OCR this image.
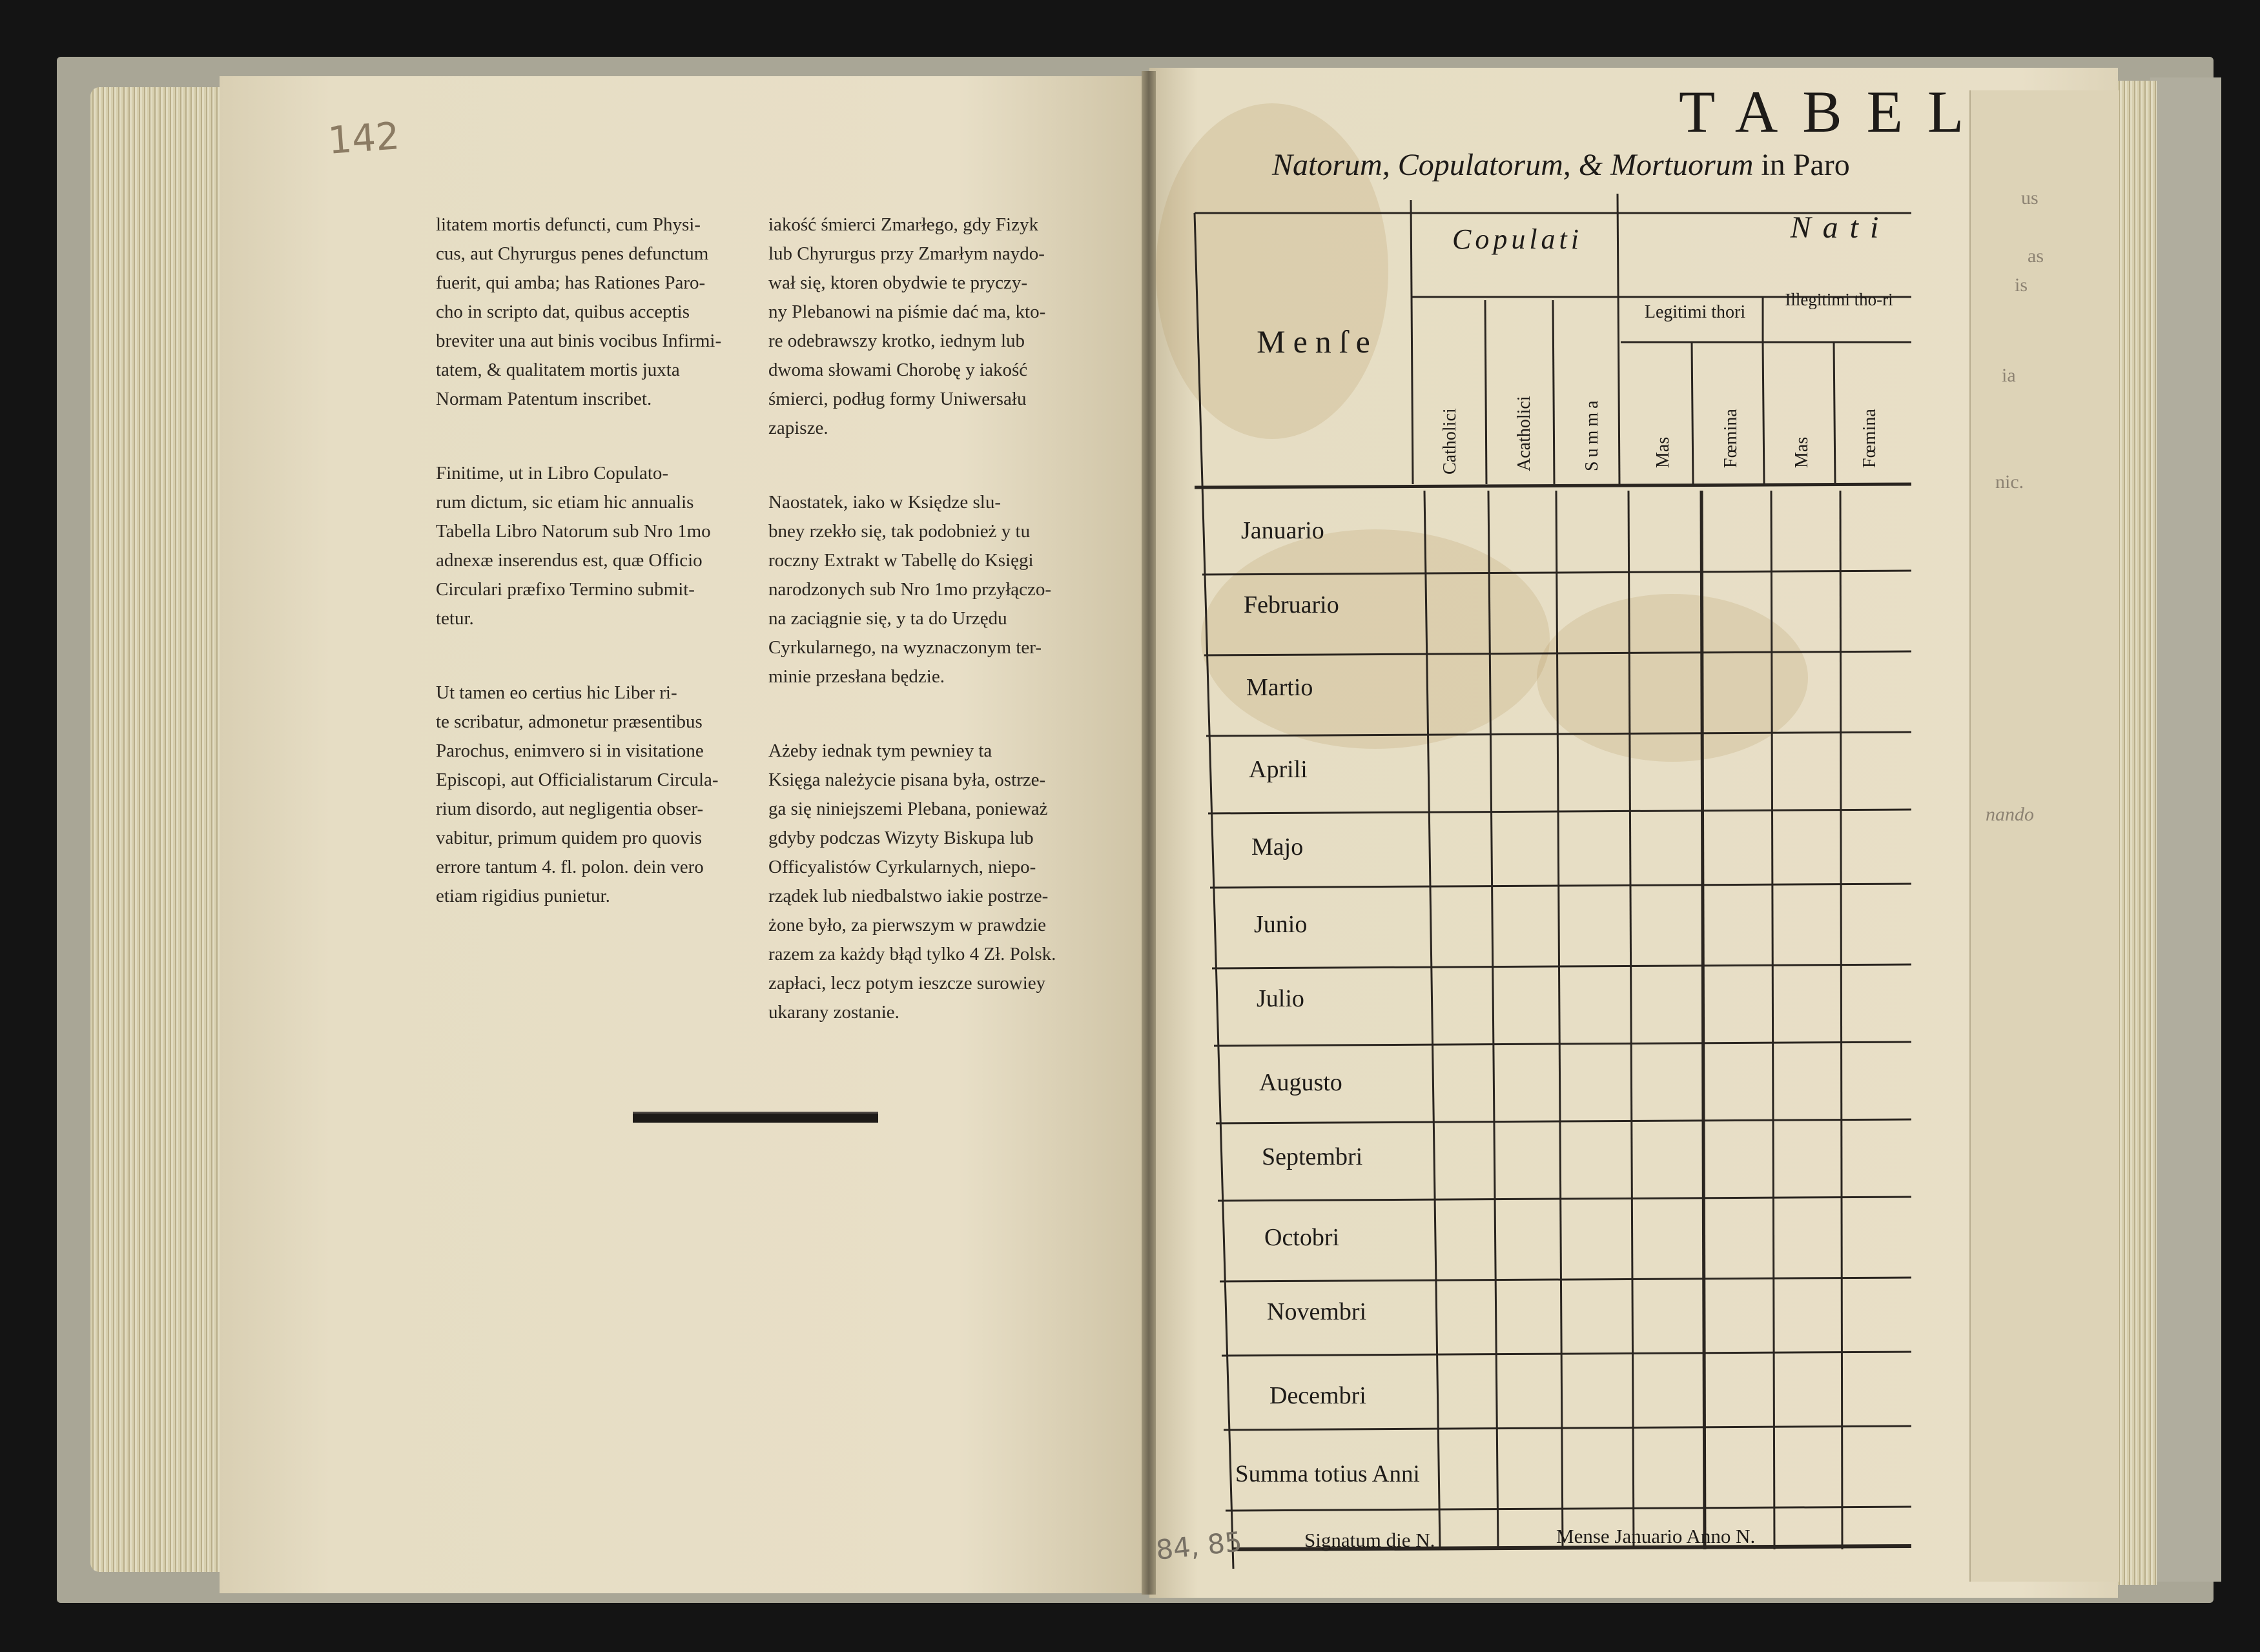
142

litatem mortis defuncti, cum Physi-
cus, aut Chyrurgus penes defunctum
fuerit, qui amba; has Rationes Paro-
cho in scripto dat, quibus acceptis
breviter una aut binis vocibus Infirmi-
tatem, & qualitatem mortis juxta
Normam Patentum inscribet.

Finitime, ut in Libro Copulato-
rum dictum, sic etiam hic annualis
Tabella Libro Natorum sub Nro 1mo
adnexæ inserendus est, quæ Officio
Circulari præfixo Termino submit-
tetur.

Ut tamen eo certius hic Liber ri-
te scribatur, admonetur præsentibus
Parochus, enimvero si in visitatione
Episcopi, aut Officialistarum Circula-
rium disordo, aut negligentia obser-
vabitur, primum quidem pro quovis
errore tantum 4. fl. polon. dein vero
etiam rigidius punietur.

iakość śmierci Zmarłego, gdy Fizyk
lub Chyrurgus przy Zmarłym naydo-
wał się, ktoren obydwie te pryczy-
ny Plebanowi na piśmie dać ma, kto-
re odebrawszy krotko, iednym lub
dwoma słowami Chorobę y iakość
śmierci, podług formy Uniwersału
zapisze.

Naostatek, iako w Księdze slu-
bney rzekło się, tak podobnież y tu
roczny Extrakt w Tabellę do Księgi
narodzonych sub Nro 1mo przyłączo-
na zaciągnie się, y ta do Urzędu
Cyrkularnego, na wyznaczonym ter-
minie przesłana będzie.

Ażeby iednak tym pewniey ta
Księga należycie pisana była, ostrze-
ga się niniejszemi Plebana, ponieważ
gdyby podczas Wizyty Biskupa lub
Officyalistów Cyrkularnych, niepo-
rządek lub niedbalstwo iakie postrze-
żone było, za pierwszym w prawdzie
razem za każdy błąd tylko 4 Zł. Polsk.
zapłaci, lecz potym ieszcze surowiey
ukarany zostanie.

TABEL
Natorum, Copulatorum, & Mortuorum in Paro
Menſe
Copulati	Nati
Legitimi thori
Illegitimi tho-ri
Catholici	Acatholici	Summa	Mas	Fœmina	Mas	Fœmina
Januario
Februario
Martio
Aprili
Majo
Junio
Julio
Augusto
Septembri
Octobri
Novembri
Decembri
Summa totius Anni
Signatum die N.	Mense Januario Anno N.
84, 85
us
as
is
ia
nic.
nando
